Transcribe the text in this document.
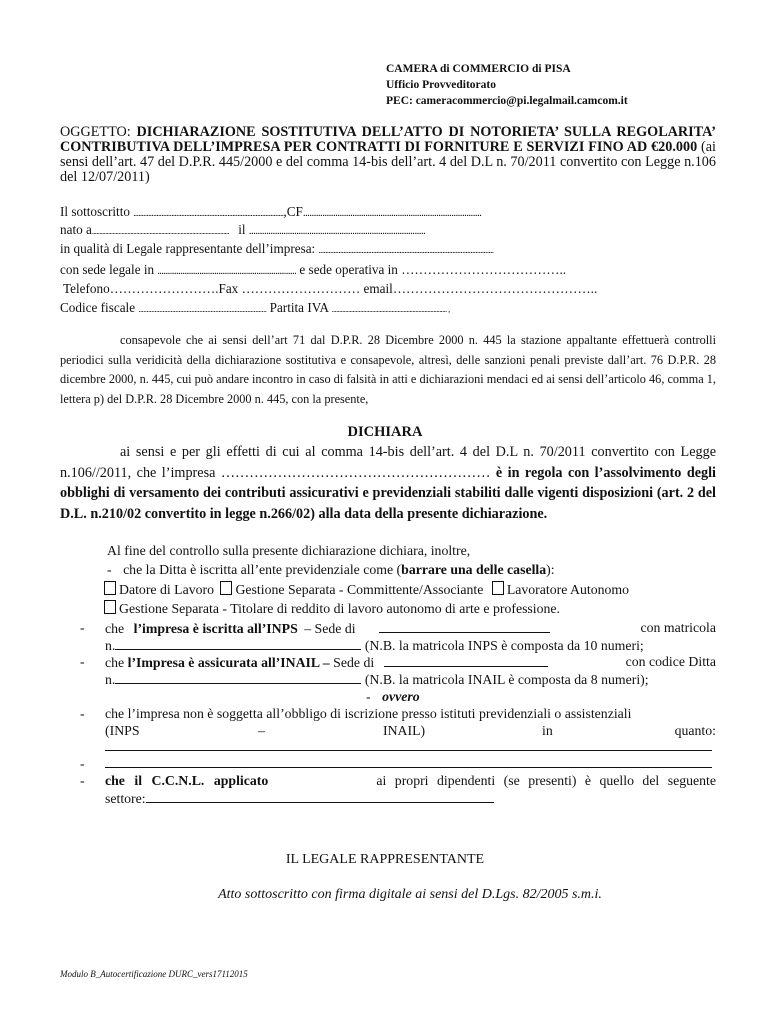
CAMERA di COMMERCIO di PISA
Ufficio Provveditorato
PEC: cameracommercio@pi.legalmail.camcom.it
OGGETTO: DICHIARAZIONE SOSTITUTIVA DELL’ATTO DI NOTORIETA’ SULLA REGOLARITA’ CONTRIBUTIVA DELL’IMPRESA PER CONTRATTI DI FORNITURE E SERVIZI FINO AD €20.000 (ai sensi dell’art. 47 del D.P.R. 445/2000 e del comma 14-bis dell’art. 4 del D.L n. 70/2011 convertito con Legge n.106 del 12/07/2011)
Il sottoscritto ...........................................................................................,CF...................................................................................
nato a............................................................................................. il ..................................................................................
in qualità di Legale rappresentante dell’impresa: ..........................................................................................................
con sede legale in ......................................................................... e sede operativa in ………………………………..
Telefono…………………….Fax ……………………… email………………………………………..
Codice fiscale ................................................................................ Partita IVA ............................................................................. ,
consapevole che ai sensi dell’art 71 dal D.P.R. 28 Dicembre 2000 n. 445 la stazione appaltante effettuerà controlli periodici sulla veridicità della dichiarazione sostitutiva e consapevole, altresì, delle sanzioni penali previste dall’art. 76 D.P.R. 28 dicembre 2000, n. 445, cui può andare incontro in caso di falsità in atti e dichiarazioni mendaci ed ai sensi dell’articolo 46, comma 1, lettera p) del D.P.R. 28 Dicembre 2000 n. 445, con la presente,
DICHIARA
ai sensi e per gli effetti di cui al comma 14-bis dell’art. 4 del D.L n. 70/2011 convertito con Legge n.106//2011, che l’impresa ………………………………………………… è in regola con l’assolvimento degli obblighi di versamento dei contributi assicurativi e previdenziali stabiliti dalle vigenti disposizioni (art. 2 del D.L. n.210/02 convertito in legge n.266/02) alla data della presente dichiarazione.
Al fine del controllo sulla presente dichiarazione dichiara, inoltre,
- che la Ditta è iscritta all’ente previdenziale come (barrare una delle casella):
Datore di Lavoro Gestione Separata - Committente/Associante Lavoratore Autonomo
Gestione Separata - Titolare di reddito di lavoro autonomo di arte e professione.
- che l’impresa è iscritta all’INPS – Sede di	con matricola
n.	(N.B. la matricola INPS è composta da 10 numeri;
- che l’Impresa è assicurata all’INAIL – Sede di	con codice Ditta
n.	(N.B. la matricola INAIL è composta da 8 numeri);
- ovvero
- che l’impresa non è soggetta all’obbligo di iscrizione presso istituti previdenziali o assistenziali
(INPS	–	INAIL)	in	quanto:
-
- che il C.C.N.L. applicato	ai propri dipendenti (se presenti) è quello del seguente
settore:
IL LEGALE RAPPRESENTANTE
Atto sottoscritto con firma digitale ai sensi del D.Lgs. 82/2005 s.m.i.
Modulo B_Autocertificazione DURC_vers17112015
